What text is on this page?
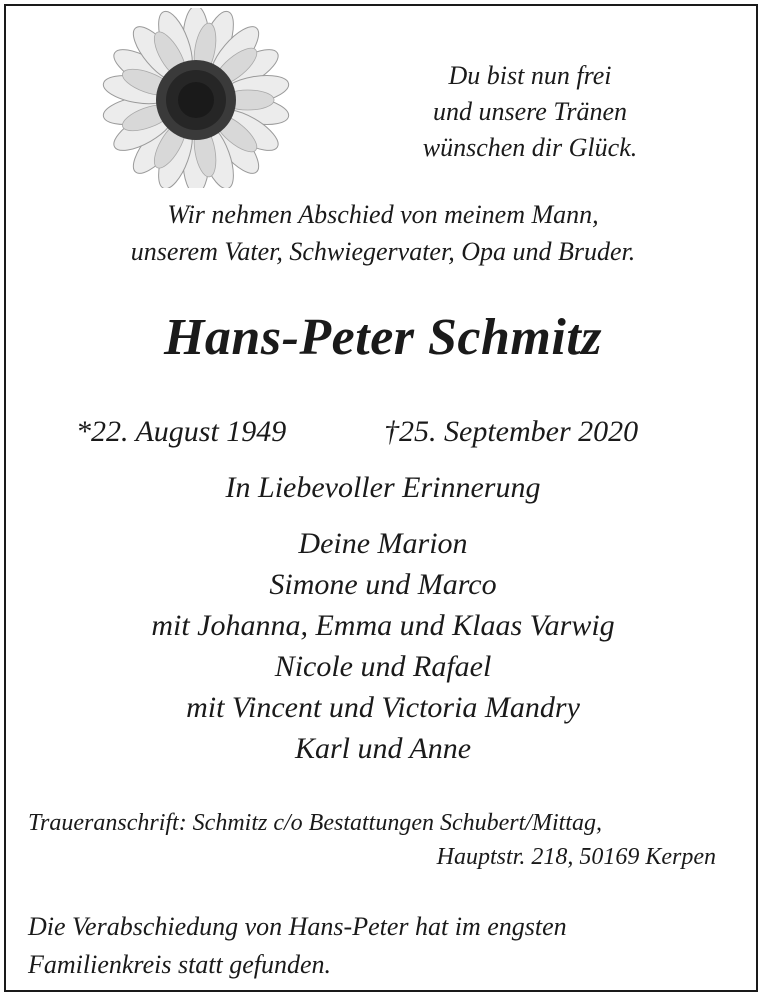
Du bist nun frei
und unsere Tränen
wünschen dir Glück.
Wir nehmen Abschied von meinem Mann,
unserem Vater, Schwiegervater, Opa und Bruder.
Hans-Peter Schmitz
*22. August 1949	†25. September 2020
In Liebevoller Erinnerung
Deine Marion
Simone und Marco
mit Johanna, Emma und Klaas Varwig
Nicole und Rafael
mit Vincent und Victoria Mandry
Karl und Anne
Traueranschrift: Schmitz c/o Bestattungen Schubert/Mittag,
Hauptstr. 218, 50169 Kerpen
Die Verabschiedung von Hans-Peter hat im engsten
Familienkreis statt gefunden.
